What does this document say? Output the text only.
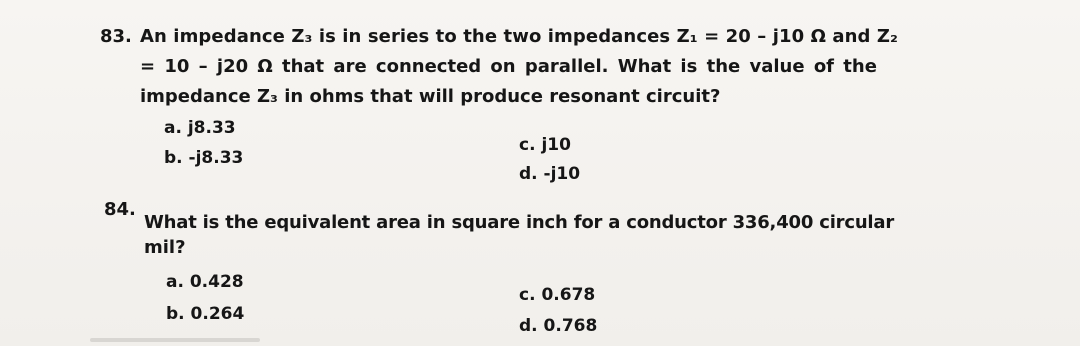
83. An impedance Z₃ is in series to the two impedances Z₁ = 20 – j10 Ω and Z₂
= 10 – j20 Ω that are connected on parallel. What is the value of the
impedance Z₃ in ohms that will produce resonant circuit?
a. j8.33
b. -j8.33
c. j10
d. -j10
84.
What is the equivalent area in square inch for a conductor 336,400 circular
mil?
a. 0.428
b. 0.264
c. 0.678
d. 0.768
